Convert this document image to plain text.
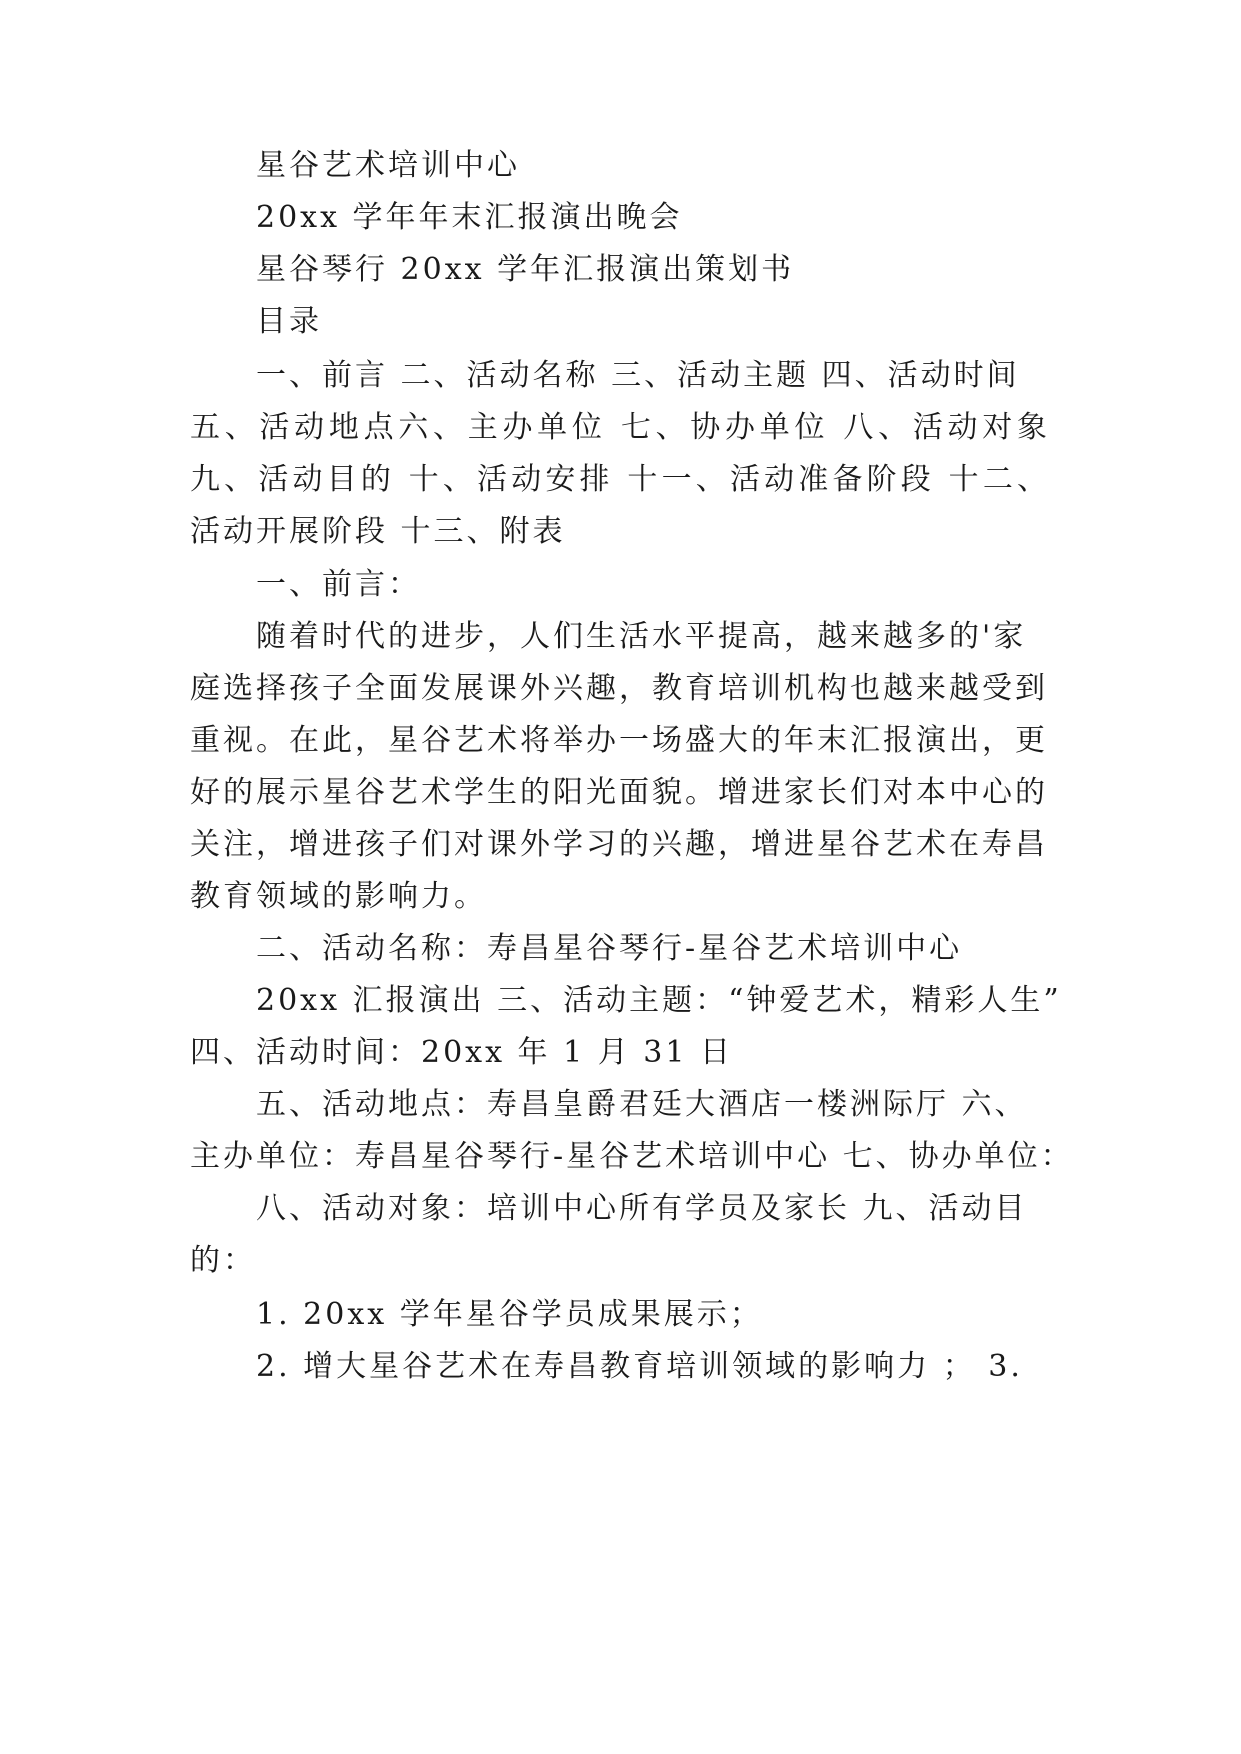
星谷艺术培训中心
20xx 学年年末汇报演出晚会
星谷琴行 20xx 学年汇报演出策划书
目录
一、前言 二、活动名称 三、活动主题 四、活动时间
五、活动地点六、主办单位 七、协办单位 八、活动对象
九、活动目的 十、活动安排 十一、活动准备阶段 十二、
活动开展阶段 十三、附表
一、前言：
随着时代的进步，人们生活水平提高，越来越多的'家
庭选择孩子全面发展课外兴趣，教育培训机构也越来越受到
重视。在此，星谷艺术将举办一场盛大的年末汇报演出，更
好的展示星谷艺术学生的阳光面貌。增进家长们对本中心的
关注，增进孩子们对课外学习的兴趣，增进星谷艺术在寿昌
教育领域的影响力。
二、活动名称：寿昌星谷琴行-星谷艺术培训中心
20xx 汇报演出 三、活动主题：“钟爱艺术，精彩人生”
四、活动时间：20xx 年 1 月 31 日
五、活动地点：寿昌皇爵君廷大酒店一楼洲际厅 六、
主办单位：寿昌星谷琴行-星谷艺术培训中心 七、协办单位：
八、活动对象：培训中心所有学员及家长 九、活动目
的：
1. 20xx 学年星谷学员成果展示；
2. 增大星谷艺术在寿昌教育培训领域的影响力 ； 3.
